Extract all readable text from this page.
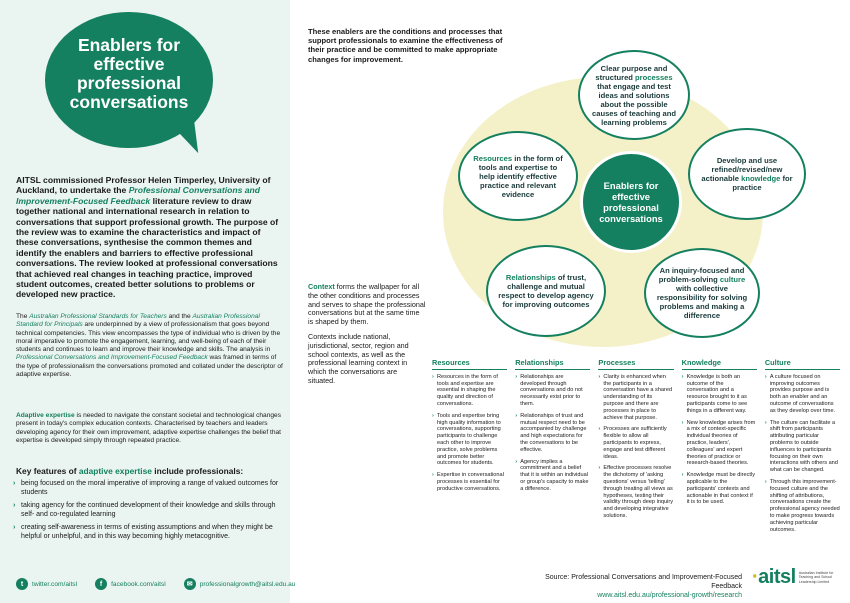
Enablers for effective professional conversations

AITSL commissioned Professor Helen Timperley, University of Auckland, to undertake the Professional Conversations and Improvement-Focused Feedback literature review to draw together national and international research in relation to conversations that support professional growth. The purpose of the review was to examine the characteristics and impact of these conversations, synthesise the common themes and identify the enablers and barriers to effective professional conversations. The review looked at professional conversations that achieved real changes in teaching practice, improved student outcomes, created better solutions to problems or developed new practice.

The Australian Professional Standards for Teachers and the Australian Professional Standard for Principals are underpinned by a view of professionalism that goes beyond technical competencies. This view encompasses the type of individual who is driven by the moral imperative to promote the engagement, learning, and well-being of each of their students and continues to learn and improve their knowledge and skills. The analysis in Professional Conversations and Improvement-Focused Feedback was framed in terms of the type of professionalism the conversations promoted and collated under the descriptor of adaptive expertise.

Adaptive expertise is needed to navigate the constant societal and technological changes present in today's complex education contexts. Characterised by teachers and leaders developing agency for their own improvement, adaptive expertise challenges the belief that expertise is developed simply through repeated practice.

Key features of adaptive expertise include professionals:
› being focused on the moral imperative of improving a range of valued outcomes for students
› taking agency for the continued development of their knowledge and skills through self- and co-regulated learning
› creating self-awareness in terms of existing assumptions and when they might be helpful or unhelpful, and in this way becoming highly metacognitive.
t	twitter.com/aitsl	f	facebook.com/aitsl	✉	professionalgrowth@aitsl.edu.au

These enablers are the conditions and processes that support professionals to examine the effectiveness of their practice and be committed to make appropriate changes for improvement.

Context forms the wallpaper for all the other conditions and processes and serves to shape the professional conversations but at the same time is shaped by them.

Contexts include national, jurisdictional, sector, region and school contexts, as well as the professional learning context in which the conversations are situated.

Clear purpose and structured processes that engage and test ideas and solutions about the possible causes of teaching and learning problems
Develop and use refined/revised/new actionable knowledge for practice
An inquiry-focused and problem-solving culture with collective responsibility for solving problems and making a difference
Relationships of trust, challenge and mutual respect to develop agency for improving outcomes
Resources in the form of tools and expertise to help identify effective practice and relevant evidence
Enablers for effective professional conversations
Resources

› Resources in the form of tools and expertise are essential in shaping the quality and direction of conversations.

› Tools and expertise bring high quality information to conversations, supporting participants to challenge each other to improve practice, solve problems and promote better outcomes for students.

› Expertise in conversational processes is essential for productive conversations.

Relationships

› Relationships are developed through conversations and do not necessarily exist prior to them.

› Relationships of trust and mutual respect need to be accompanied by challenge and high expectations for the conversations to be effective.

› Agency implies a commitment and a belief that it is within an individual or group's capacity to make a difference.

Processes

› Clarity is enhanced when the participants in a conversation have a shared understanding of its purpose and there are processes in place to achieve that purpose.

› Processes are sufficiently flexible to allow all participants to express, engage and test different ideas.

› Effective processes resolve the dichotomy of 'asking questions' versus 'telling' through treating all views as hypotheses, testing their validity through deep inquiry and developing integrative solutions.

Knowledge

› Knowledge is both an outcome of the conversation and a resource brought to it as participants come to see things in a different way.

› New knowledge arises from a mix of context-specific individual theories of practice, leaders', colleagues' and expert theories of practice or research-based theories.

› Knowledge must be directly applicable to the participants' contexts and actionable in that context if it is to be used.

Culture

› A culture focused on improving outcomes provides purpose and is both an enabler and an outcome of conversations as they develop over time.

› The culture can facilitate a shift from participants attributing particular problems to outside influences to participants focusing on their own interactions with others and what can be changed.

› Through this improvement-focused culture and the shifting of attributions, conversations create the professional agency needed to make progress towards achieving particular outcomes.

Source: Professional Conversations and Improvement-Focused Feedback
www.aitsl.edu.au/professional-growth/research
·aitsl Australian Institute for Teaching and School Leadership Limited
